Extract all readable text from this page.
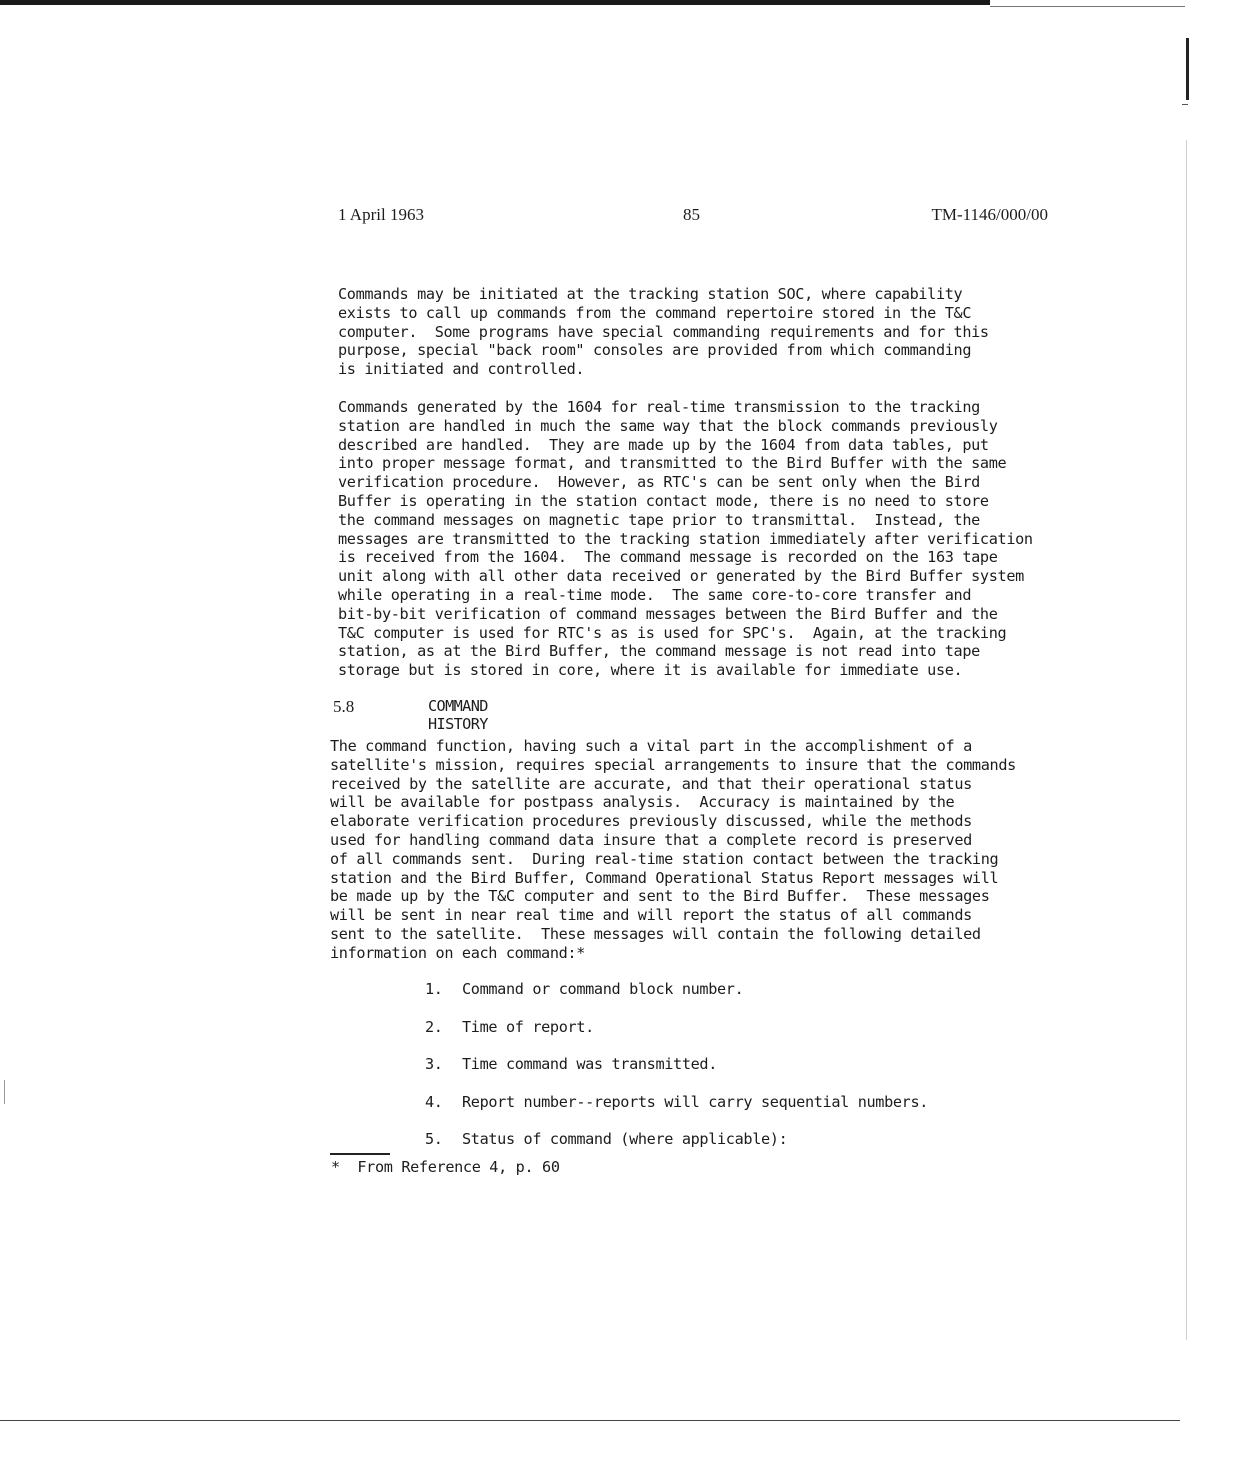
1 April 1963	85	TM-1146/000/00

Commands may be initiated at the tracking station SOC, where capability
exists to call up commands from the command repertoire stored in the T&C
computer.  Some programs have special commanding requirements and for this
purpose, special "back room" consoles are provided from which commanding
is initiated and controlled.

Commands generated by the 1604 for real-time transmission to the tracking
station are handled in much the same way that the block commands previously
described are handled.  They are made up by the 1604 from data tables, put
into proper message format, and transmitted to the Bird Buffer with the same
verification procedure.  However, as RTC's can be sent only when the Bird
Buffer is operating in the station contact mode, there is no need to store
the command messages on magnetic tape prior to transmittal.  Instead, the
messages are transmitted to the tracking station immediately after verification
is received from the 1604.  The command message is recorded on the 163 tape
unit along with all other data received or generated by the Bird Buffer system
while operating in a real-time mode.  The same core-to-core transfer and
bit-by-bit verification of command messages between the Bird Buffer and the
T&C computer is used for RTC's as is used for SPC's.  Again, at the tracking
station, as at the Bird Buffer, the command message is not read into tape
storage but is stored in core, where it is available for immediate use.

5.8	COMMAND HISTORY

The command function, having such a vital part in the accomplishment of a
satellite's mission, requires special arrangements to insure that the commands
received by the satellite are accurate, and that their operational status
will be available for postpass analysis.  Accuracy is maintained by the
elaborate verification procedures previously discussed, while the methods
used for handling command data insure that a complete record is preserved
of all commands sent.  During real-time station contact between the tracking
station and the Bird Buffer, Command Operational Status Report messages will
be made up by the T&C computer and sent to the Bird Buffer.  These messages
will be sent in near real time and will report the status of all commands
sent to the satellite.  These messages will contain the following detailed
information on each command:*

1. Command or command block number.
2. Time of report.
3. Time command was transmitted.
4. Report number--reports will carry sequential numbers.
5. Status of command (where applicable):
*  From Reference 4, p. 60
